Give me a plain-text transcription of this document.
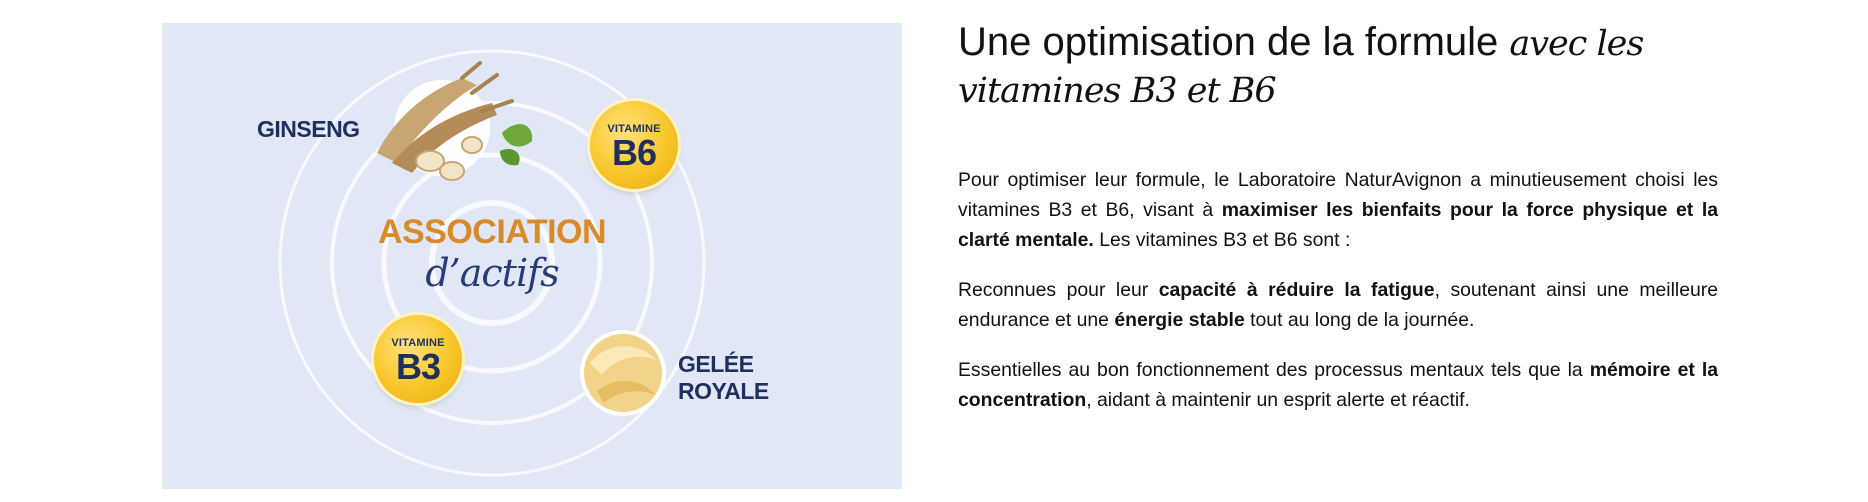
GINSENG	VITAMINE
B6
ASSOCIATION
d’actifs
VITAMINE
B3	GELÉE
ROYALE
Une optimisation de la formule avec les vitamines B3 et B6

Pour optimiser leur formule, le Laboratoire NaturAvignon a minutieusement choisi les vitamines B3 et B6, visant à maximiser les bienfaits pour la force physique et la clarté mentale. Les vitamines B3 et B6 sont :

Reconnues pour leur capacité à réduire la fatigue, soutenant ainsi une meilleure endurance et une énergie stable tout au long de la journée.

Essentielles au bon fonctionnement des processus mentaux tels que la mémoire et la concentration, aidant à maintenir un esprit alerte et réactif.
